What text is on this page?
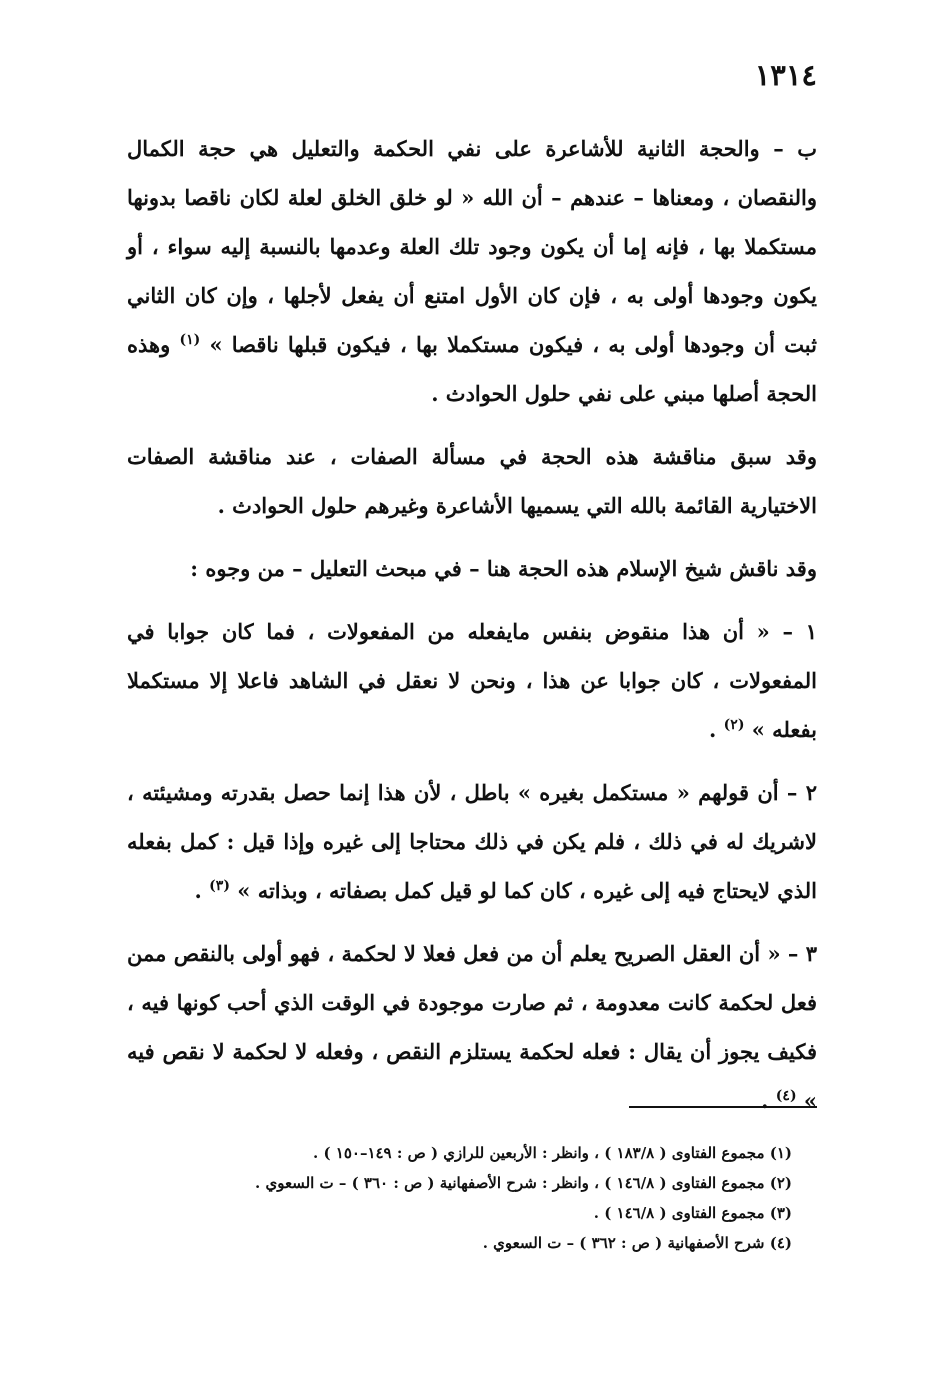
١٣١٤

ب – والحجة الثانية للأشاعرة على نفي الحكمة والتعليل هي حجة الكمال والنقصان ، ومعناها – عندهم – أن الله « لو خلق الخلق لعلة لكان ناقصا بدونها مستكملا بها ، فإنه إما أن يكون وجود تلك العلة وعدمها بالنسبة إليه سواء ، أو يكون وجودها أولى به ، فإن كان الأول امتنع أن يفعل لأجلها ، وإن كان الثاني ثبت أن وجودها أولى به ، فيكون مستكملا بها ، فيكون قبلها ناقصا » $^{(١)}$ وهذه الحجة أصلها مبني على نفي حلول الحوادث .

وقد سبق مناقشة هذه الحجة في مسألة الصفات ، عند مناقشة الصفات الاختيارية القائمة بالله التي يسميها الأشاعرة وغيرهم حلول الحوادث .

وقد ناقش شيخ الإسلام هذه الحجة هنا – في مبحث التعليل – من وجوه :

١ – « أن هذا منقوض بنفس مايفعله من المفعولات ، فما كان جوابا في المفعولات ، كان جوابا عن هذا ، ونحن لا نعقل في الشاهد فاعلا إلا مستكملا بفعله » $^{(٢)}$ .

٢ – أن قولهم « مستكمل بغيره » باطل ، لأن هذا إنما حصل بقدرته ومشيئته ، لاشريك له في ذلك ، فلم يكن في ذلك محتاجا إلى غيره وإذا قيل : كمل بفعله الذي لايحتاج فيه إلى غيره ، كان كما لو قيل كمل بصفاته ، وبذاته » $^{(٣)}$ .

٣ – « أن العقل الصريح يعلم أن من فعل فعلا لا لحكمة ، فهو أولى بالنقص ممن فعل لحكمة كانت معدومة ، ثم صارت موجودة في الوقت الذي أحب كونها فيه ، فكيف يجوز أن يقال : فعله لحكمة يستلزم النقص ، وفعله لا لحكمة لا نقص فيه » $^{(٤)}$ .

(١) مجموع الفتاوى ( ١٨٣/٨ ) ، وانظر : الأربعين للرازي ( ص : ١٤٩–١٥٠ ) .

(٢) مجموع الفتاوى ( ١٤٦/٨ ) ، وانظر : شرح الأصفهانية ( ص : ٣٦٠ ) – ت السعوي .

(٣) مجموع الفتاوى ( ١٤٦/٨ ) .

(٤) شرح الأصفهانية ( ص : ٣٦٢ ) – ت السعوي .
